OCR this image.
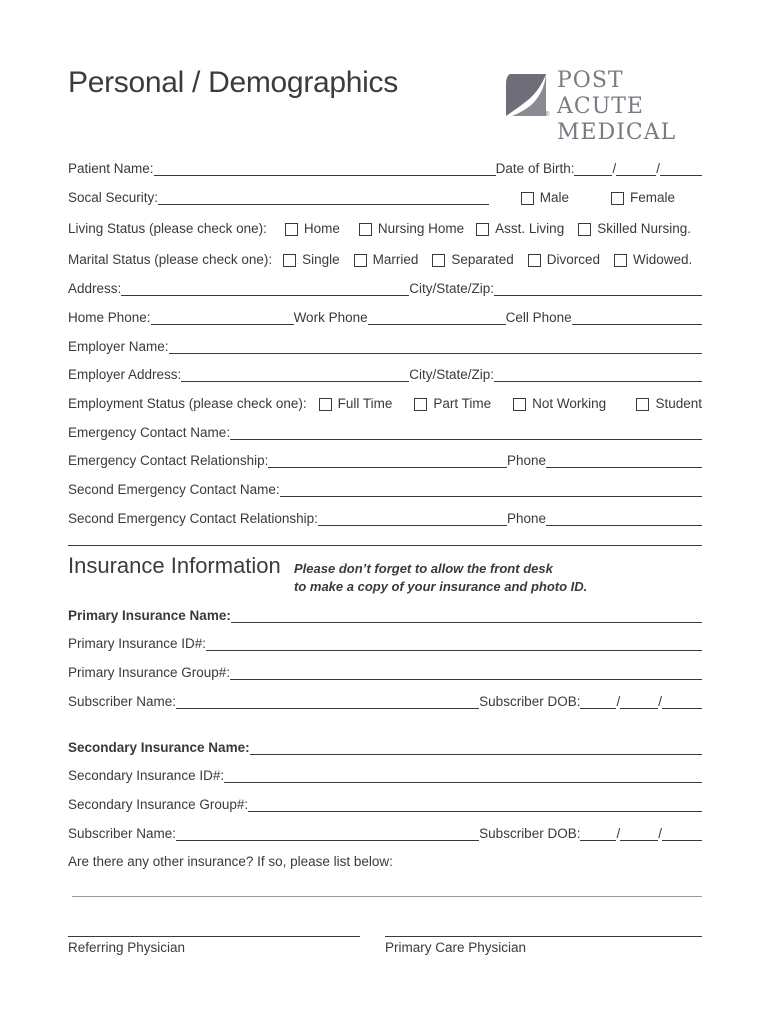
Personal / Demographics
®
POST ACUTE
MEDICAL
Patient Name:	Date of Birth:	/	/
Socal Security:	Male	Female
Living Status (please check one):	Home	Nursing Home Asst. Living Skilled Nursing.
Marital Status (please check one): Single Married Separated Divorced Widowed.
Address:	City/State/Zip:
Home Phone:	Work Phone	Cell Phone
Employer Name:
Employer Address:	City/State/Zip:
Employment Status (please check one): Full Time	Part Time	Not Working	Student
Emergency Contact Name:
Emergency Contact Relationship:	Phone
Second Emergency Contact Name:
Second Emergency Contact Relationship:	Phone
Insurance Information Please don’t forget to allow the front desk
to make a copy of your insurance and photo ID.
Primary Insurance Name:
Primary Insurance ID#:
Primary Insurance Group#:
Subscriber Name:	Subscriber DOB:	/	/
Secondary Insurance Name:
Secondary Insurance ID#:
Secondary Insurance Group#:
Subscriber Name:	Subscriber DOB:	/	/
Are there any other insurance? If so, please list below:
Referring Physician	Primary Care Physician
